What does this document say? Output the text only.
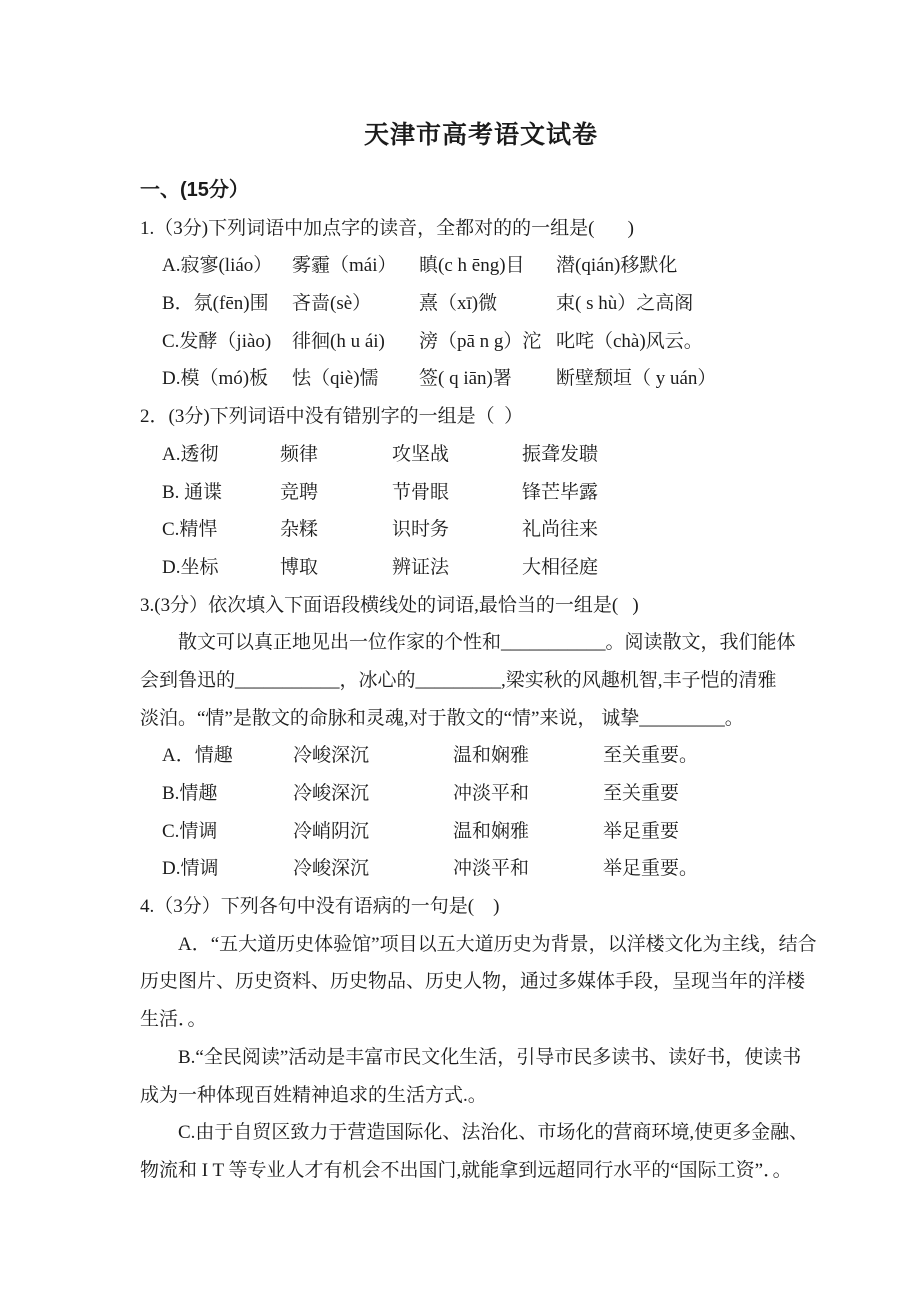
天津市高考语文试卷
一、(15分）
1.（3分)下列词语中加点字的读音，全都对的的一组是(       )
A.寂寥(liáo）	雾霾（mái）	瞋(c h ēng)目	潜(qián)移默化
B．氛(fēn)围	吝啬(sè）	熹（xī)微	束( s hù）之高阁
C.发酵（jiào)	徘徊(h u ái)	滂（pā n g）沱 叱咤（chà)风云。
D.模（mó)板	怯（qiè)懦	签( q iān)署	断壁颓垣（ y uán）
2．(3分)下列词语中没有错别字的一组是（  ）
A.透彻	频律	攻坚战	振聋发聩
B. 通谍	竞聘	节骨眼	锋芒毕露
C.精悍	杂糅	识时务	礼尚往来
D.坐标	博取	辨证法	大相径庭
3.(3分）依次填入下面语段横线处的词语,最恰当的一组是(   )
散文可以真正地见出一位作家的个性和___________。阅读散文，我们能体
会到鲁迅的___________，冰心的_________,梁实秋的风趣机智,丰子恺的清雅
淡泊。“情”是散文的命脉和灵魂,对于散文的“情”来说， 诚挚_________。
A．情趣	冷峻深沉	温和娴雅	至关重要。
B.情趣	冷峻深沉	冲淡平和	至关重要
C.情调	冷峭阴沉	温和娴雅	举足重要
D.情调	冷峻深沉	冲淡平和	举足重要。
4.（3分）下列各句中没有语病的一句是(    )
A．“五大道历史体验馆”项目以五大道历史为背景，以洋楼文化为主线，结合
历史图片、历史资料、历史物品、历史人物，通过多媒体手段，呈现当年的洋楼
生活．。
B.“全民阅读”活动是丰富市民文化生活，引导市民多读书、读好书，使读书
成为一种体现百姓精神追求的生活方式.。
C.由于自贸区致力于营造国际化、法治化、市场化的营商环境,使更多金融、
物流和 I T 等专业人才有机会不出国门,就能拿到远超同行水平的“国际工资”．。
